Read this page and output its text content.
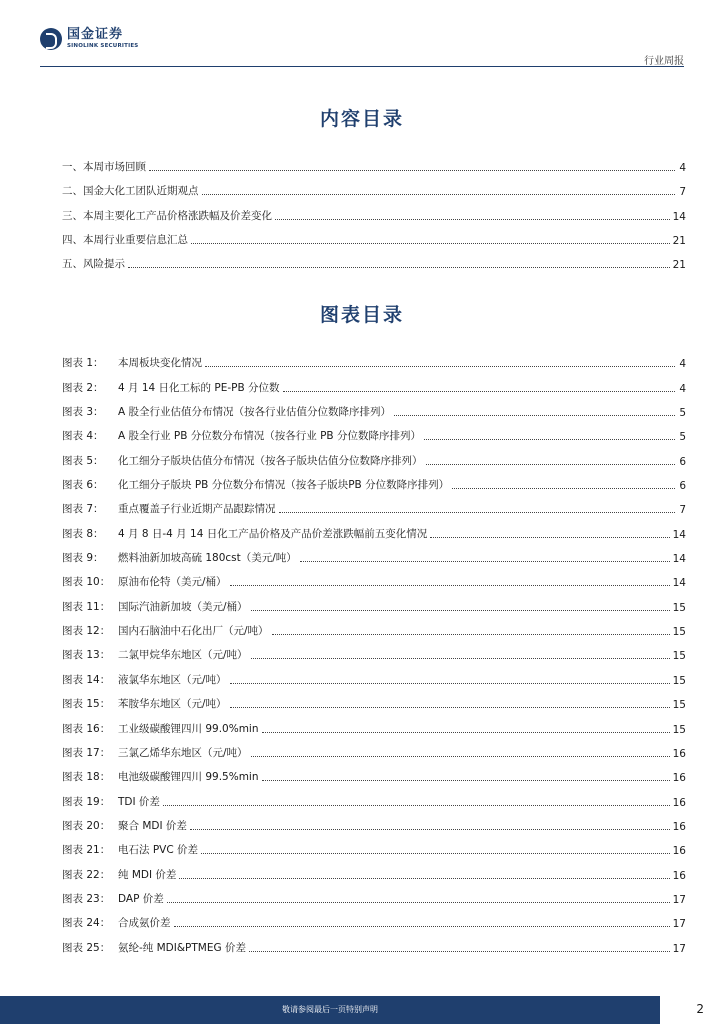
国金证券
SINOLINK SECURITIES
行业周报
内容目录
一、本周市场回顾	4
二、国金大化工团队近期观点	7
三、本周主要化工产品价格涨跌幅及价差变化	14
四、本周行业重要信息汇总	21
五、风险提示	21
图表目录
图表 1：	本周板块变化情况	4
图表 2：	4 月 14 日化工标的 PE-PB 分位数	4
图表 3：	A 股全行业估值分布情况（按各行业估值分位数降序排列）	5
图表 4：	A 股全行业 PB 分位数分布情况（按各行业 PB 分位数降序排列）	5
图表 5：	化工细分子版块估值分布情况（按各子版块估值分位数降序排列）	6
图表 6：	化工细分子版块 PB 分位数分布情况（按各子版块PB 分位数降序排列）	6
图表 7：	重点覆盖子行业近期产品跟踪情况	7
图表 8：	4 月 8 日-4 月 14 日化工产品价格及产品价差涨跌幅前五变化情况	14
图表 9：	燃料油新加坡高硫 180cst（美元/吨）	14
图表 10： 原油布伦特（美元/桶）	14
图表 11： 国际汽油新加坡（美元/桶）	15
图表 12： 国内石脑油中石化出厂（元/吨）	15
图表 13： 二氯甲烷华东地区（元/吨）	15
图表 14： 液氯华东地区（元/吨）	15
图表 15： 苯胺华东地区（元/吨）	15
图表 16： 工业级碳酸锂四川 99.0%min	15
图表 17： 三氯乙烯华东地区（元/吨）	16
图表 18： 电池级碳酸锂四川 99.5%min	16
图表 19： TDI 价差	16
图表 20： 聚合 MDI 价差	16
图表 21： 电石法 PVC 价差	16
图表 22： 纯 MDI 价差	16
图表 23： DAP 价差	17
图表 24： 合成氨价差	17
图表 25： 氨纶-纯 MDI&PTMEG 价差	17
敬请参阅最后一页特别声明	2
